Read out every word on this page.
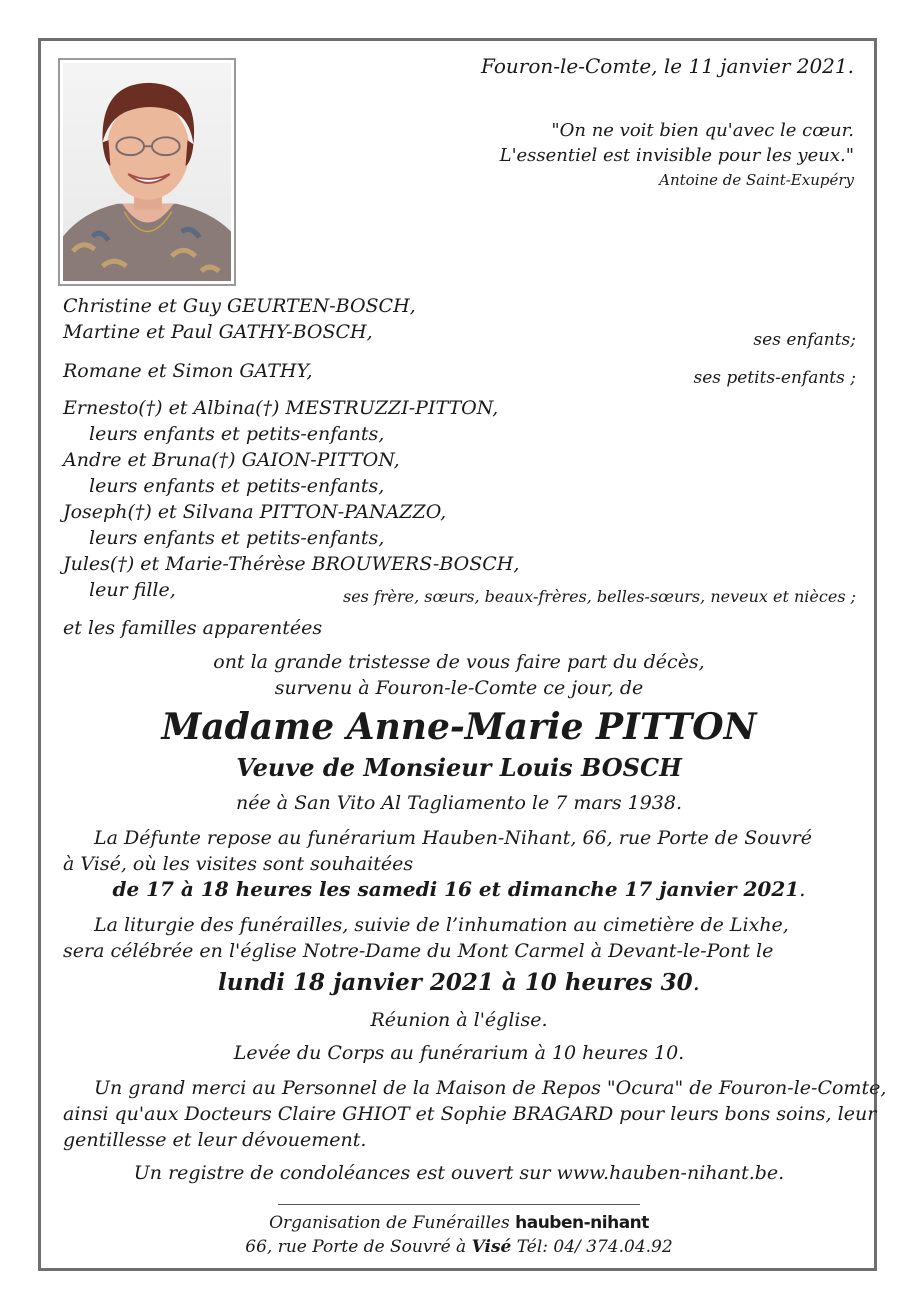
Fouron-le-Comte, le 11 janvier 2021.
"On ne voit bien qu'avec le cœur.
L'essentiel est invisible pour les yeux."
Antoine de Saint-Exupéry
Christine et Guy GEURTEN-BOSCH,
Martine et Paul GATHY-BOSCH,	ses enfants;
Romane et Simon GATHY,	ses petits-enfants ;
Ernesto(†) et Albina(†) MESTRUZZI-PITTON,
leurs enfants et petits-enfants,
Andre et Bruna(†) GAION-PITTON,
leurs enfants et petits-enfants,
Joseph(†) et Silvana PITTON-PANAZZO,
leurs enfants et petits-enfants,
Jules(†) et Marie-Thérèse BROUWERS-BOSCH,
leur fille,	ses frère, sœurs, beaux-frères, belles-sœurs, neveux et nièces ;
et les familles apparentées
ont la grande tristesse de vous faire part du décès,
survenu à Fouron-le-Comte ce jour, de
Madame Anne-Marie PITTON
Veuve de Monsieur Louis BOSCH
née à San Vito Al Tagliamento le 7 mars 1938.
La Défunte repose au funérarium Hauben-Nihant, 66, rue Porte de Souvré
à Visé, où les visites sont souhaitées
de 17 à 18 heures les samedi 16 et dimanche 17 janvier 2021.
La liturgie des funérailles, suivie de l’inhumation au cimetière de Lixhe,
sera célébrée en l'église Notre-Dame du Mont Carmel à Devant-le-Pont le
lundi 18 janvier 2021 à 10 heures 30.
Réunion à l'église.
Levée du Corps au funérarium à 10 heures 10.
Un grand merci au Personnel de la Maison de Repos "Ocura" de Fouron-le-Comte,
ainsi qu'aux Docteurs Claire GHIOT et Sophie BRAGARD pour leurs bons soins, leur
gentillesse et leur dévouement.
Un registre de condoléances est ouvert sur www.hauben-nihant.be.
Organisation de Funérailles hauben-nihant
66, rue Porte de Souvré à Visé Tél: 04/ 374.04.92
